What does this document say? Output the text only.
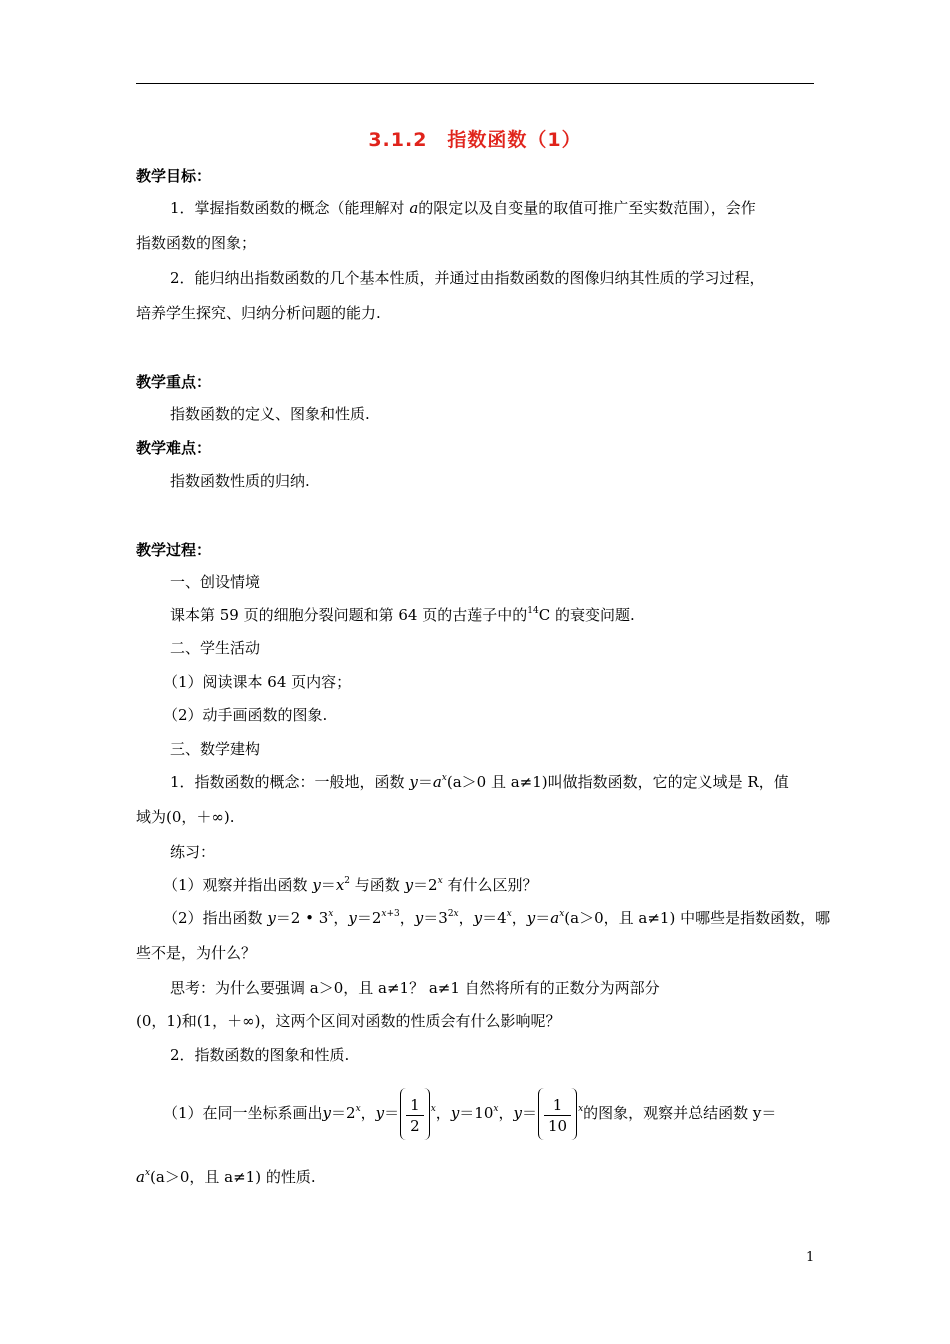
3.1.2　指数函数（1）
教学目标：
1．掌握指数函数的概念（能理解对 a的限定以及自变量的取值可推广至实数范围），会作
指数函数的图象；
2．能归纳出指数函数的几个基本性质，并通过由指数函数的图像归纳其性质的学习过程，
培养学生探究、归纳分析问题的能力.
教学重点：
指数函数的定义、图象和性质.
教学难点：
指数函数性质的归纳.
教学过程：
一、创设情境
课本第 59 页的细胞分裂问题和第 64 页的古莲子中的$^{14}$C 的衰变问题.
二、学生活动
（1）阅读课本 64 页内容；
（2）动手画函数的图象.
三、数学建构
1．指数函数的概念：一般地，函数 $y=a^x(a>0$ 且 a≠1)叫做指数函数，它的定义域是 R，值
域为(0，＋∞).
练习：
（1）观察并指出函数 $y=x^2$ 与函数 $y=2^x$ 有什么区别？
（2）指出函数 y＝2 • 3$^x$，$y=2^{x+3}$，$y=3^{2x}$，$y=4^x$，$y=a^x(a>0$，且 a≠1) 中哪些是指数函数，哪
些不是，为什么？
思考：为什么要强调 a＞0，且 a≠1？ a≠1 自然将所有的正数分为两部分
(0，1)和(1，＋∞)，这两个区间对函数的性质会有什么影响呢？
2．指数函数的图象和性质.
（1）在同一坐标系画出$y=2^x$，$y= \frac{1}{2} ^x$，$y=10^x$，$y= \frac{1}{10} ^x$的图象，观察并总结函数 y＝
$a^x(a>0$，且 a≠1) 的性质.
1
